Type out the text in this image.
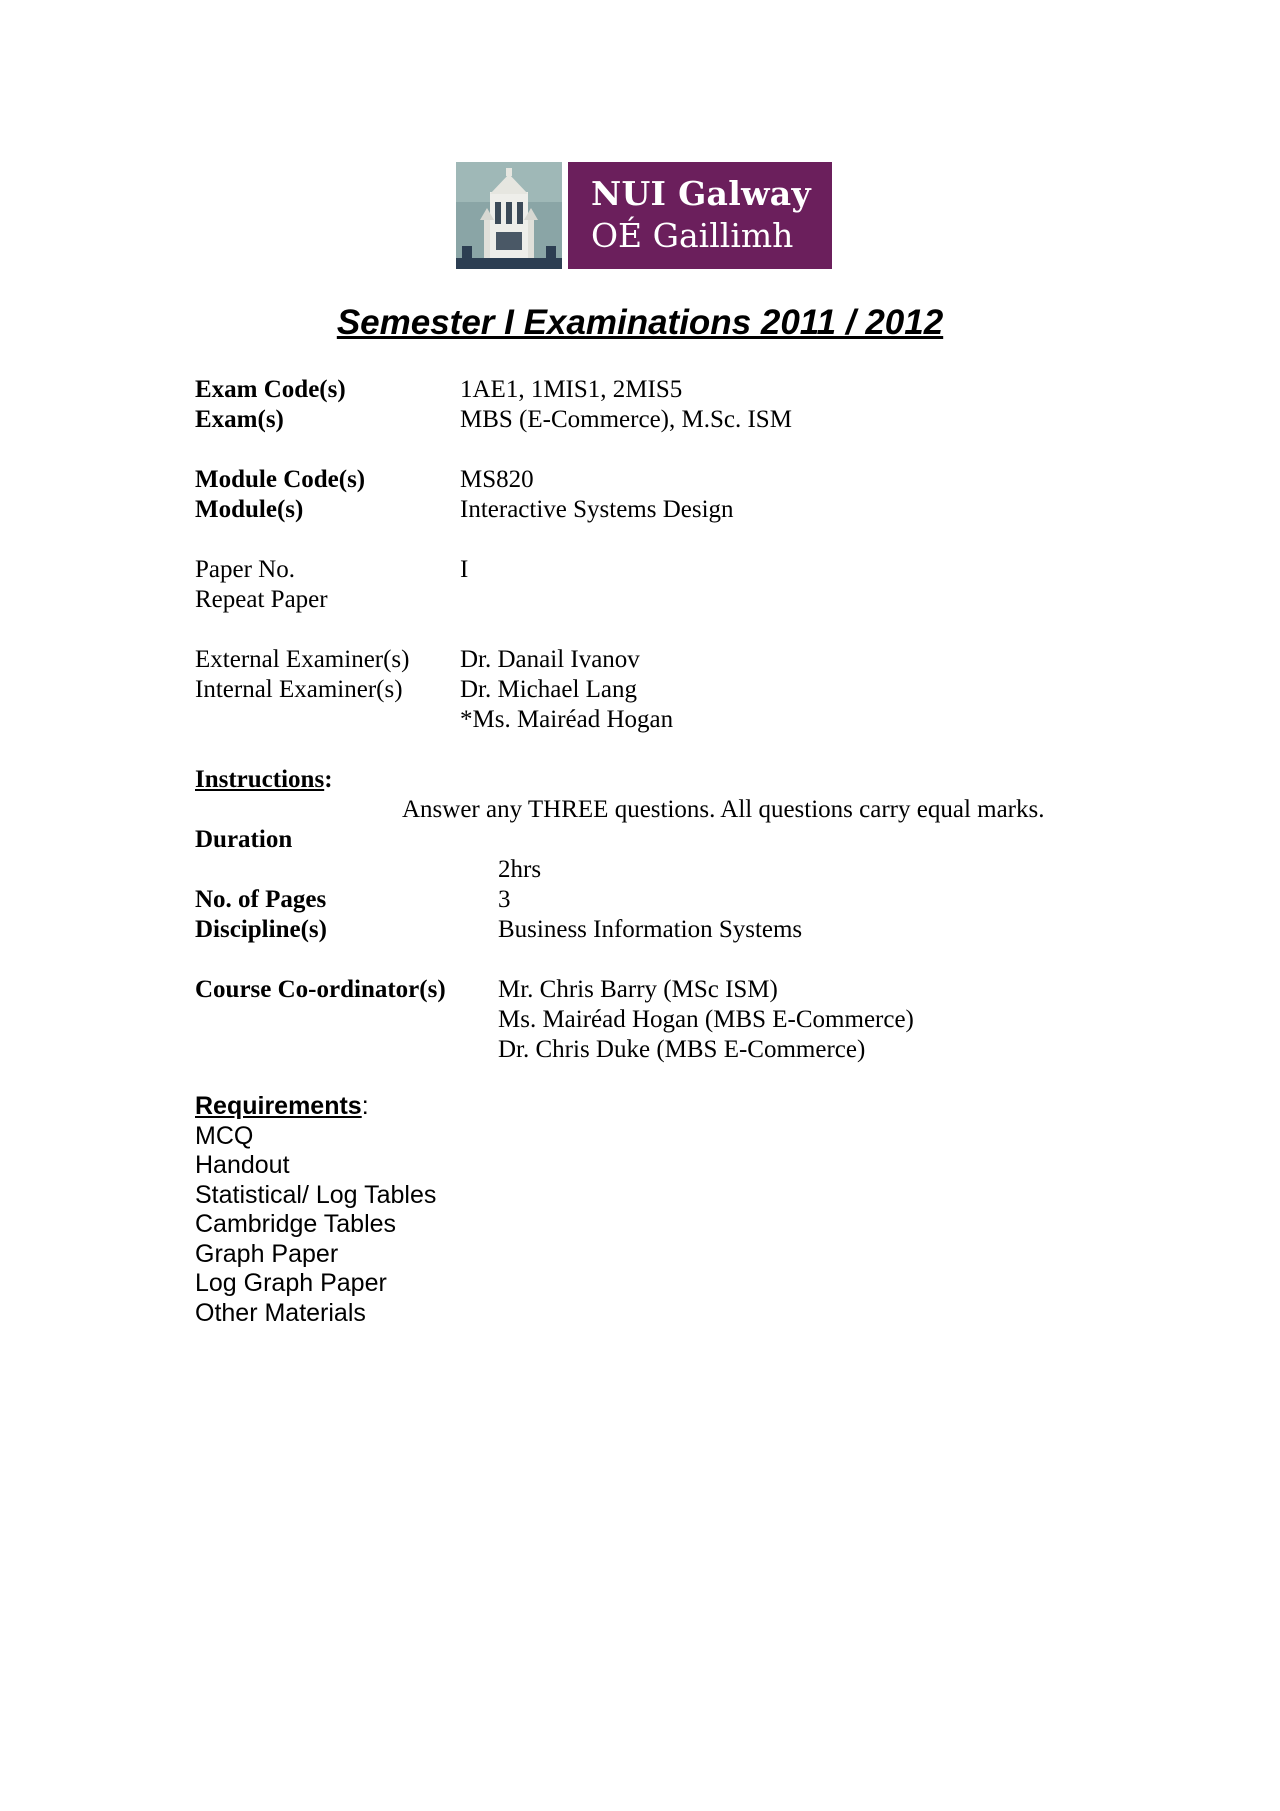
NUI Galway
OÉ Gaillimh
Semester I Examinations 2011 / 2012
Exam Code(s)	1AE1, 1MIS1, 2MIS5
Exam(s)	MBS (E-Commerce), M.Sc. ISM
Module Code(s)	MS820
Module(s)	Interactive Systems Design
Paper No.	I
Repeat Paper
External Examiner(s) Dr. Danail Ivanov
Internal Examiner(s) Dr. Michael Lang
*Ms. Mairéad Hogan
Instructions:
Answer any THREE questions. All questions carry equal marks.
Duration
2hrs
No. of Pages	3
Discipline(s)	Business Information Systems
Course Co-ordinator(s) Mr. Chris Barry (MSc ISM)
Ms. Mairéad Hogan (MBS E-Commerce)
Dr. Chris Duke (MBS E-Commerce)
Requirements:
MCQ
Handout
Statistical/ Log Tables
Cambridge Tables
Graph Paper
Log Graph Paper
Other Materials
